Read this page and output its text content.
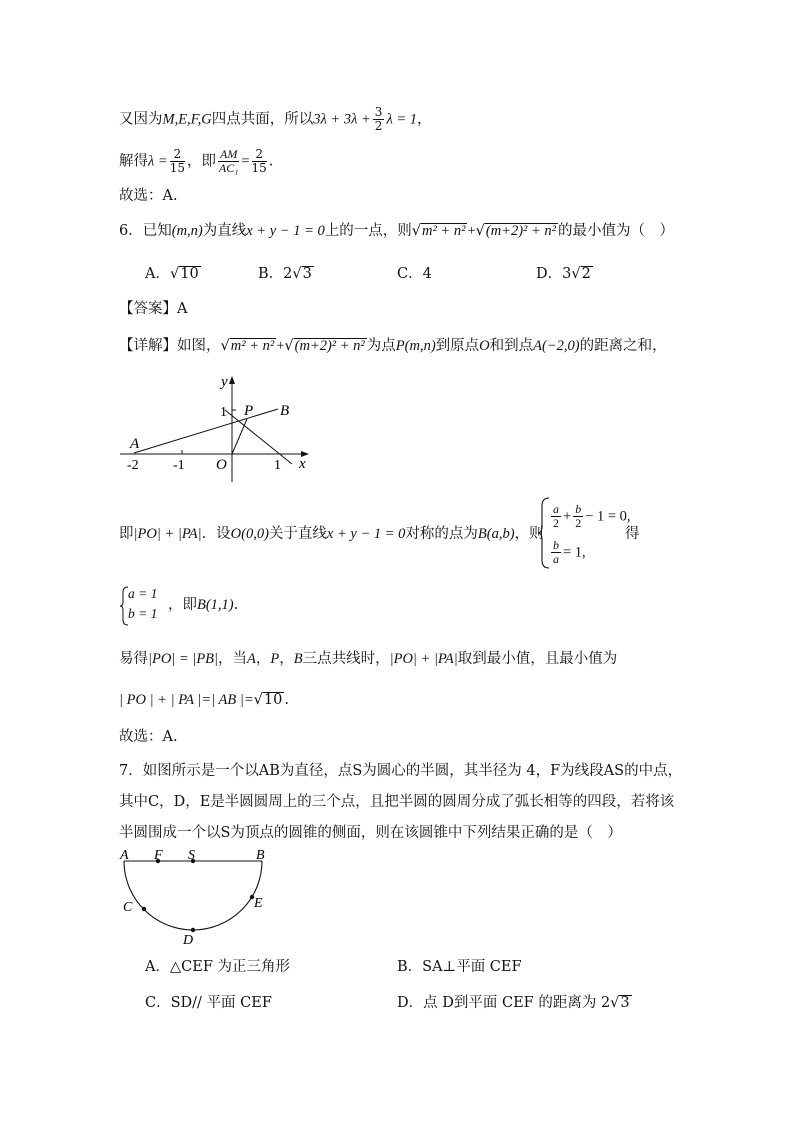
又因为M,E,F,G四点共面，所以$3\lambda + 3\lambda + \frac{3}{2}$ λ = 1，
解得$\lambda = \frac{2}{15}$ ，即 $\frac{AM}{\text{AC₁}} = \frac{2}{15}$ .
故选：A.
6．已知(m,n)为直线x + y − 1 = 0上的一点，则√m² + n² +√(m+2)² + n² 的最小值为（　）
A．√10	B．2√3	C．4	D．3√2
【答案】A
【详解】如图，√m² + n² +√(m+2)² + n² 为点P(m,n)到原点O和到点A(−2,0)的距离之和，
y
x
1 P B
A
-2 -1 O	1
即|PO| + |PA|．设O(0,0)关于直线x + y − 1 = 0对称的点为B(a,b)，则
$\frac{a}{2} + \frac{b}{2} - 1 = 0$,
$\frac{b}{a} = 1$,
得
a = 1
b = 1
，即B(1,1).
易得|PO| = |PB|，当A，P，B三点共线时，|PO| + |PA|取到最小值，且最小值为
| PO | + | PA |=| AB |=√10 .
故选：A.
7．如图所示是一个以AB为直径，点S为圆心的半圆，其半径为 4，F为线段AS的中点，
其中C，D，E是半圆圆周上的三个点，且把半圆的圆周分成了弧长相等的四段，若将该
半圆围成一个以S为顶点的圆锥的侧面，则在该圆锥中下列结果正确的是（　）
A F S	B
C	E
D
A．△CEF 为正三角形	B．SA⊥平面 CEF
C．SD// 平面 CEF	D．点 D到平面 CEF 的距离为 2√3
